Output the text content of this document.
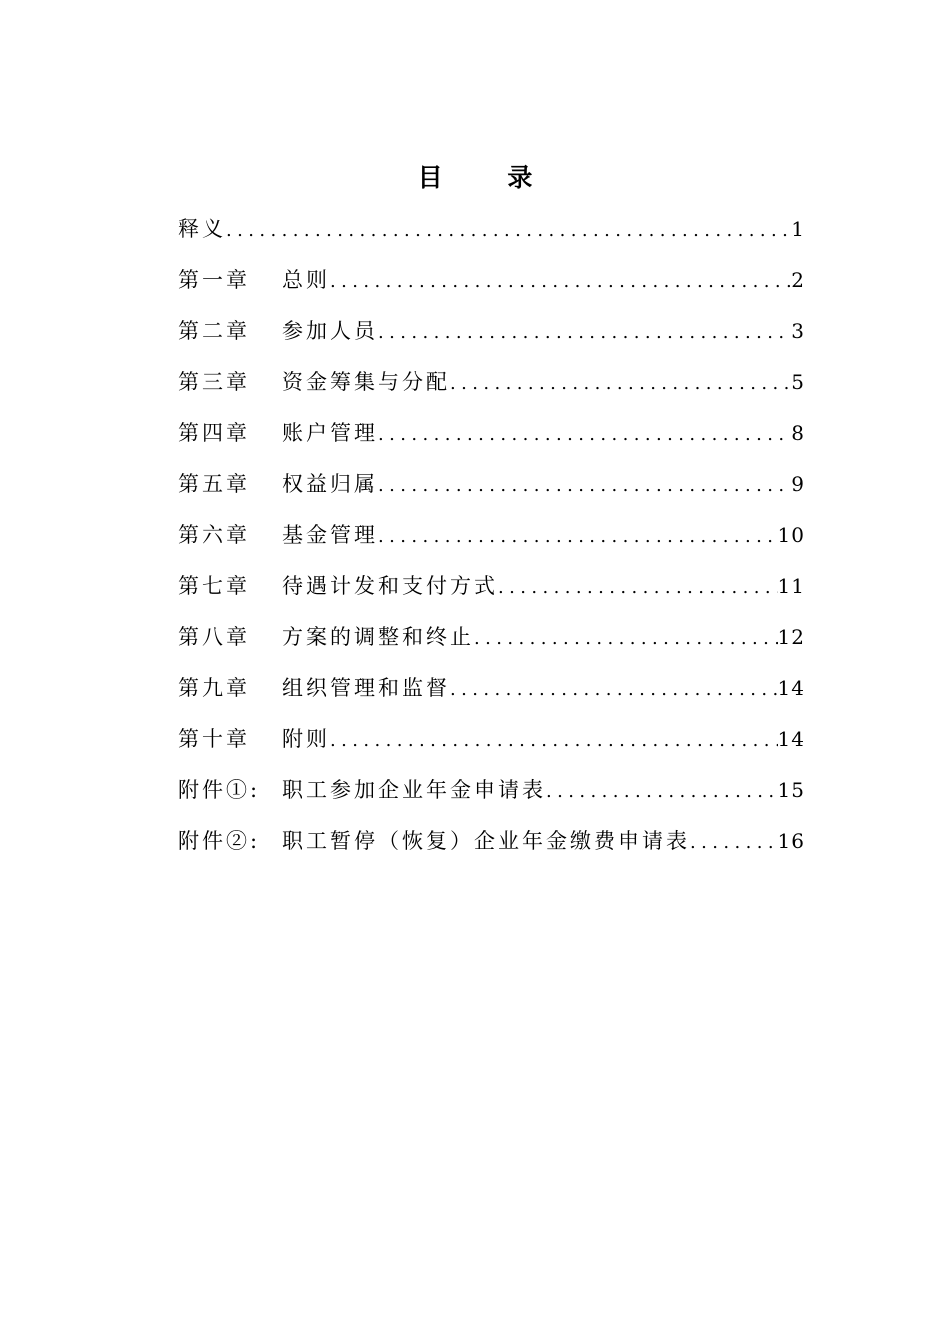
目 录
释义 .....	1
第一章	总则 .....	2
第二章	参加人员 .....	3
第三章	资金筹集与分配 .....	5
第四章	账户管理 .....	8
第五章	权益归属 .....	9
第六章	基金管理 .....	10
第七章	待遇计发和支付方式 .....	11
第八章	方案的调整和终止 .....	12
第九章	组织管理和监督 .....	14
第十章	附则 .....	14
附件①:	职工参加企业年金申请表 .....	15
附件②:	职工暂停（恢复）企业年金缴费申请表 .....	16
